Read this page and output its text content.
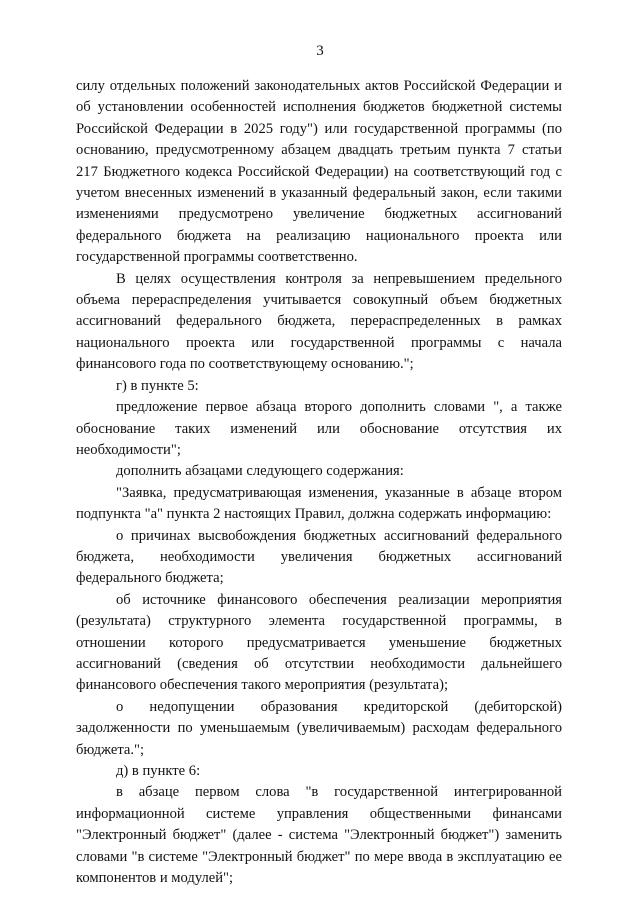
3

силу отдельных положений законодательных актов Российской Федерации и об установлении особенностей исполнения бюджетов бюджетной системы Российской Федерации в 2025 году") или государственной программы (по основанию, предусмотренному абзацем двадцать третьим пункта 7 статьи 217 Бюджетного кодекса Российской Федерации) на соответствующий год с учетом внесенных изменений в указанный федеральный закон, если такими изменениями предусмотрено увеличение бюджетных ассигнований федерального бюджета на реализацию национального проекта или государственной программы соответственно.

В целях осуществления контроля за непревышением предельного объема перераспределения учитывается совокупный объем бюджетных ассигнований федерального бюджета, перераспределенных в рамках национального проекта или государственной программы с начала финансового года по соответствующему основанию.";

г) в пункте 5:

предложение первое абзаца второго дополнить словами ", а также обоснование таких изменений или обоснование отсутствия их необходимости";

дополнить абзацами следующего содержания:

"Заявка, предусматривающая изменения, указанные в абзаце втором подпункта "а" пункта 2 настоящих Правил, должна содержать информацию:

о причинах высвобождения бюджетных ассигнований федерального бюджета, необходимости увеличения бюджетных ассигнований федерального бюджета;

об источнике финансового обеспечения реализации мероприятия (результата) структурного элемента государственной программы, в отношении которого предусматривается уменьшение бюджетных ассигнований (сведения об отсутствии необходимости дальнейшего финансового обеспечения такого мероприятия (результата);

о недопущении образования кредиторской (дебиторской) задолженности по уменьшаемым (увеличиваемым) расходам федерального бюджета.";

д) в пункте 6:

в абзаце первом слова "в государственной интегрированной информационной системе управления общественными финансами "Электронный бюджет" (далее - система "Электронный бюджет") заменить словами "в системе "Электронный бюджет" по мере ввода в эксплуатацию ее компонентов и модулей";
